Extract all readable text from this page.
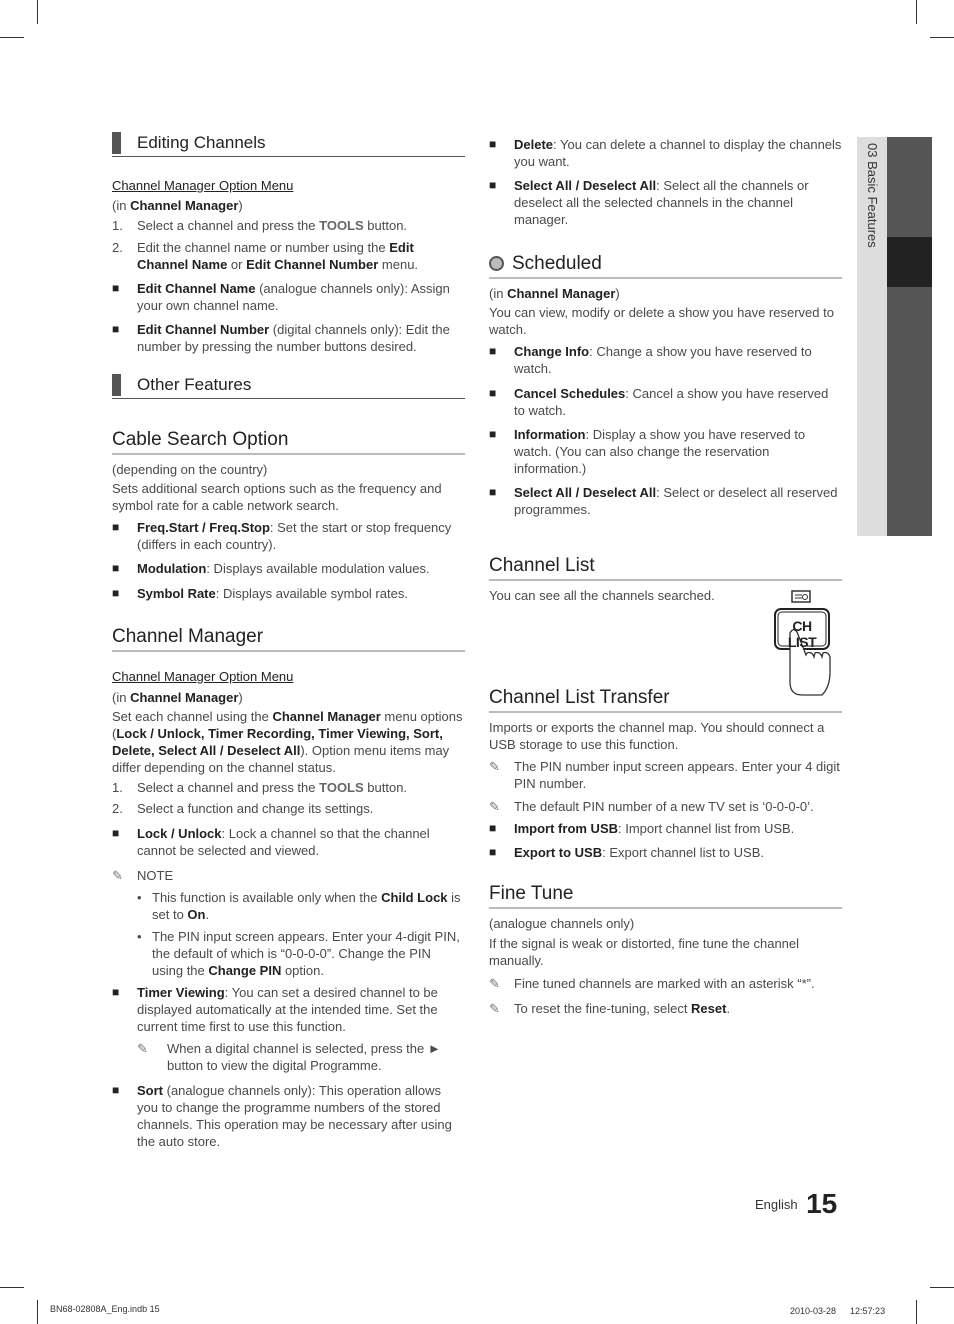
03 Basic Features
Editing Channels

Channel Manager Option Menu

(in Channel Manager)

1.	Select a channel and press the TOOLS button.
2.	Edit the channel name or number using the Edit Channel Name or Edit Channel Number menu.
■	Edit Channel Name (analogue channels only): Assign your own channel name.
■	Edit Channel Number (digital channels only): Edit the number by pressing the number buttons desired.
Other Features
Cable Search Option

(depending on the country)

Sets additional search options such as the frequency and symbol rate for a cable network search.

■	Freq.Start / Freq.Stop: Set the start or stop frequency (differs in each country).
■	Modulation: Displays available modulation values.
■	Symbol Rate: Displays available symbol rates.
Channel Manager

Channel Manager Option Menu

(in Channel Manager)

Set each channel using the Channel Manager menu options (Lock / Unlock, Timer Recording, Timer Viewing, Sort, Delete, Select All / Deselect All). Option menu items may differ depending on the channel status.

1.	Select a channel and press the TOOLS button.
2.	Select a function and change its settings.
■	Lock / Unlock: Lock a channel so that the channel cannot be selected and viewed.
✎	NOTE
• This function is available only when the Child Lock is set to On.
• The PIN input screen appears. Enter your 4-digit PIN, the default of which is “0-0-0-0”. Change the PIN using the Change PIN option.
■	Timer Viewing: You can set a desired channel to be displayed automatically at the intended time. Set the current time first to use this function.
✎	When a digital channel is selected, press the ► button to view the digital Programme.
■	Sort (analogue channels only): This operation allows you to change the programme numbers of the stored channels. This operation may be necessary after using the auto store.
■	Delete: You can delete a channel to display the channels you want.
■	Select All / Deselect All: Select all the channels or deselect all the selected channels in the channel manager.
Scheduled

(in Channel Manager)

You can view, modify or delete a show you have reserved to watch.

■	Change Info: Change a show you have reserved to watch.
■	Cancel Schedules: Cancel a show you have reserved to watch.
■	Information: Display a show you have reserved to watch. (You can also change the reservation information.)
■	Select All / Deselect All: Select or deselect all reserved programmes.
Channel List

You can see all the channels searched.

CH LIST
Channel List Transfer

Imports or exports the channel map. You should connect a USB storage to use this function.

✎	The PIN number input screen appears. Enter your 4 digit PIN number.
✎	The default PIN number of a new TV set is ‘0-0-0-0’.
■	Import from USB: Import channel list from USB.
■	Export to USB: Export channel list to USB.
Fine Tune

(analogue channels only)

If the signal is weak or distorted, fine tune the channel manually.

✎	Fine tuned channels are marked with an asterisk “*”.
✎	To reset the fine-tuning, select Reset.
$^{English}$ 15
BN68-02808A_Eng.indb 15	2010-03-28 　 12:57:23
